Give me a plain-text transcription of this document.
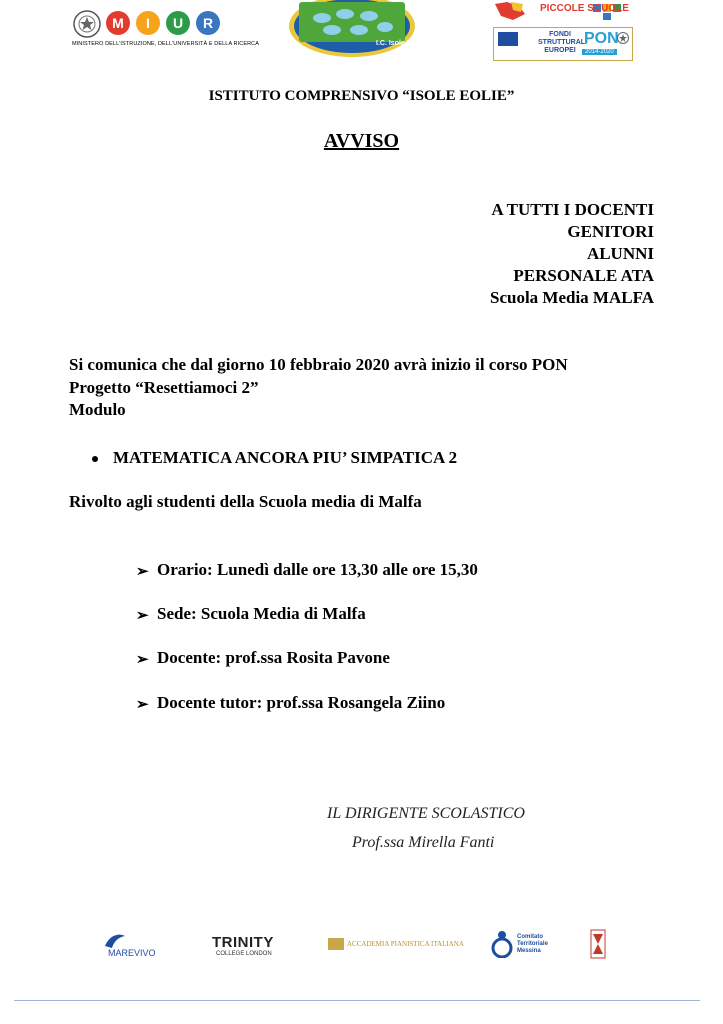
M I U R
MINISTERO DELL'ISTRUZIONE, DELL'UNIVERSITÀ E DELLA RICERCA	I.C. Isole Eolie
PICCOLE SCUOLE
FONDI STRUTTURALI EUROPEI
PON
2014-2020
ISTITUTO COMPRENSIVO “ISOLE EOLIE”
AVVISO
A TUTTI I DOCENTI
GENITORI
ALUNNI
PERSONALE ATA
Scuola Media MALFA
Si comunica che dal giorno 10 febbraio 2020 avrà inizio il corso PON
Progetto “Resettiamoci 2”
Modulo
MATEMATICA ANCORA PIU’ SIMPATICA 2
Rivolto agli studenti della Scuola media di Malfa
➢ Orario: Lunedì dalle ore 13,30 alle ore 15,30
➢ Sede: Scuola Media di Malfa
➢ Docente: prof.ssa Rosita Pavone
➢ Docente tutor: prof.ssa Rosangela Ziino
IL DIRIGENTE SCOLASTICO
Prof.ssa Mirella Fanti
MAREVIVO
TRINITY
COLLEGE LONDON
ACCADEMIA PIANISTICA ITALIANA
Comitato
Territoriale
Messina
